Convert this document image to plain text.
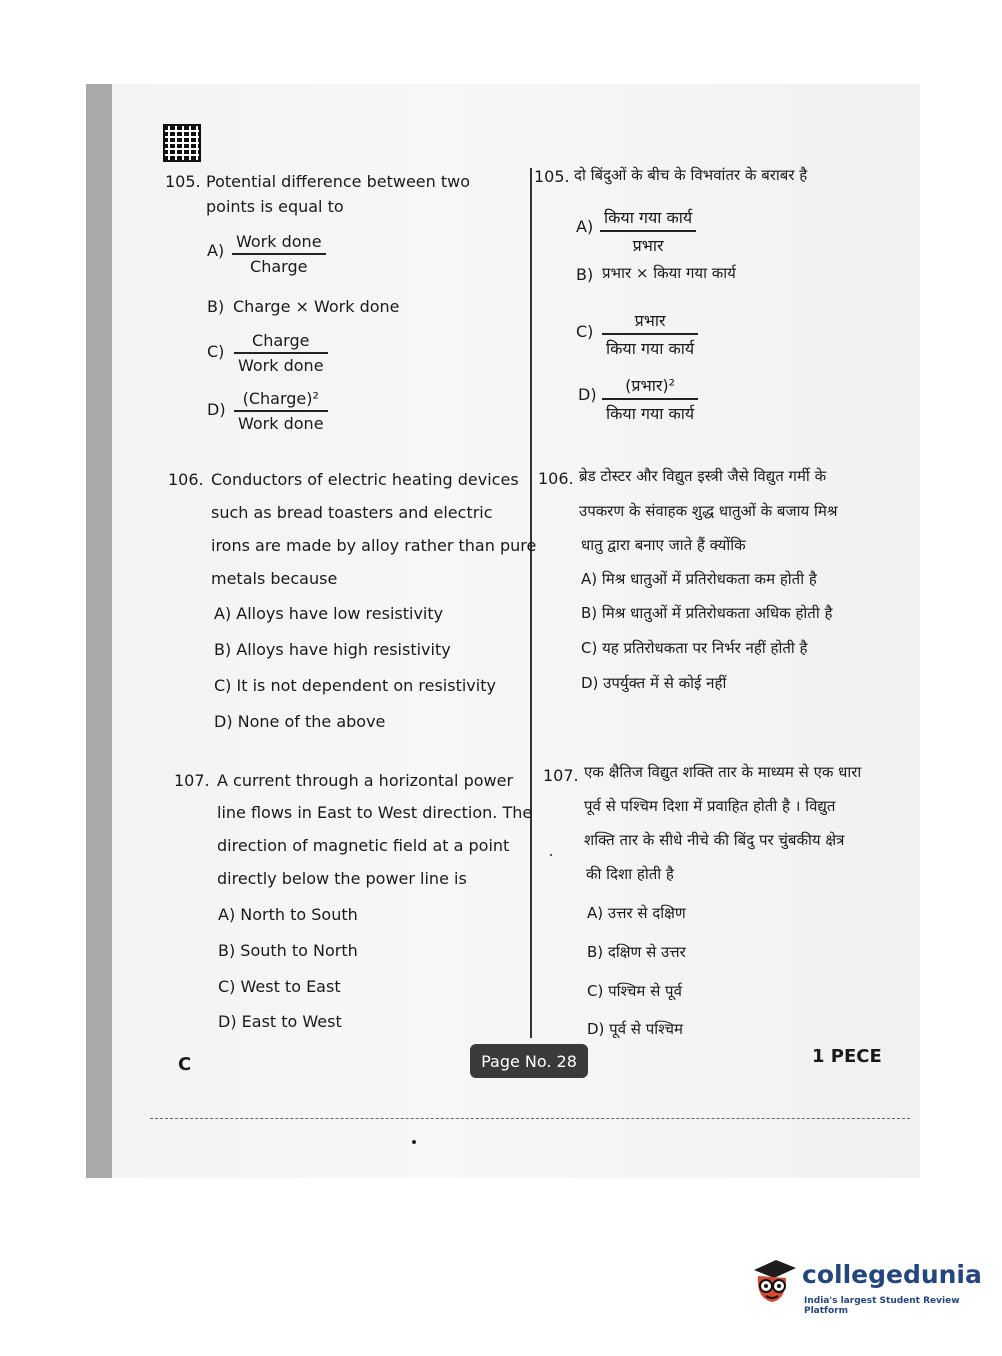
105. Potential difference between two
points is equal to
A) Work done
Charge
B) Charge × Work done
C)
Charge
Work done
D)
(Charge)²
Work done
106. Conductors of electric heating devices
such as bread toasters and electric
irons are made by alloy rather than pure
metals because
A) Alloys have low resistivity
B) Alloys have high resistivity
C) It is not dependent on resistivity
D) None of the above
107. A current through a horizontal power
line flows in East to West direction. The
direction of magnetic field at a point
directly below the power line is
A) North to South
B) South to North
C) West to East
D) East to West
105. दो बिंदुओं के बीच के विभवांतर के बराबर है
A) किया गया कार्य
प्रभार
B) प्रभार × किया गया कार्य
C)
प्रभार
किया गया कार्य
D) (प्रभार)²
किया गया कार्य
106. ब्रेड टोस्टर और विद्युत इस्त्री जैसे विद्युत गर्मी के
उपकरण के संवाहक शुद्ध धातुओं के बजाय मिश्र
धातु द्वारा बनाए जाते हैं क्योंकि
A) मिश्र धातुओं में प्रतिरोधकता कम होती है
B) मिश्र धातुओं में प्रतिरोधकता अधिक होती है
C) यह प्रतिरोधकता पर निर्भर नहीं होती है
D) उपर्युक्त में से कोई नहीं
107. एक क्षैतिज विद्युत शक्ति तार के माध्यम से एक धारा
पूर्व से पश्चिम दिशा में प्रवाहित होती है । विद्युत
शक्ति तार के सीधे नीचे की बिंदु पर चुंबकीय क्षेत्र
की दिशा होती है
A) उत्तर से दक्षिण
B) दक्षिण से उत्तर
C) पश्चिम से पूर्व
D) पूर्व से पश्चिम
C	Page No. 28	1 PECE
collegedunia
India's largest Student Review Platform
